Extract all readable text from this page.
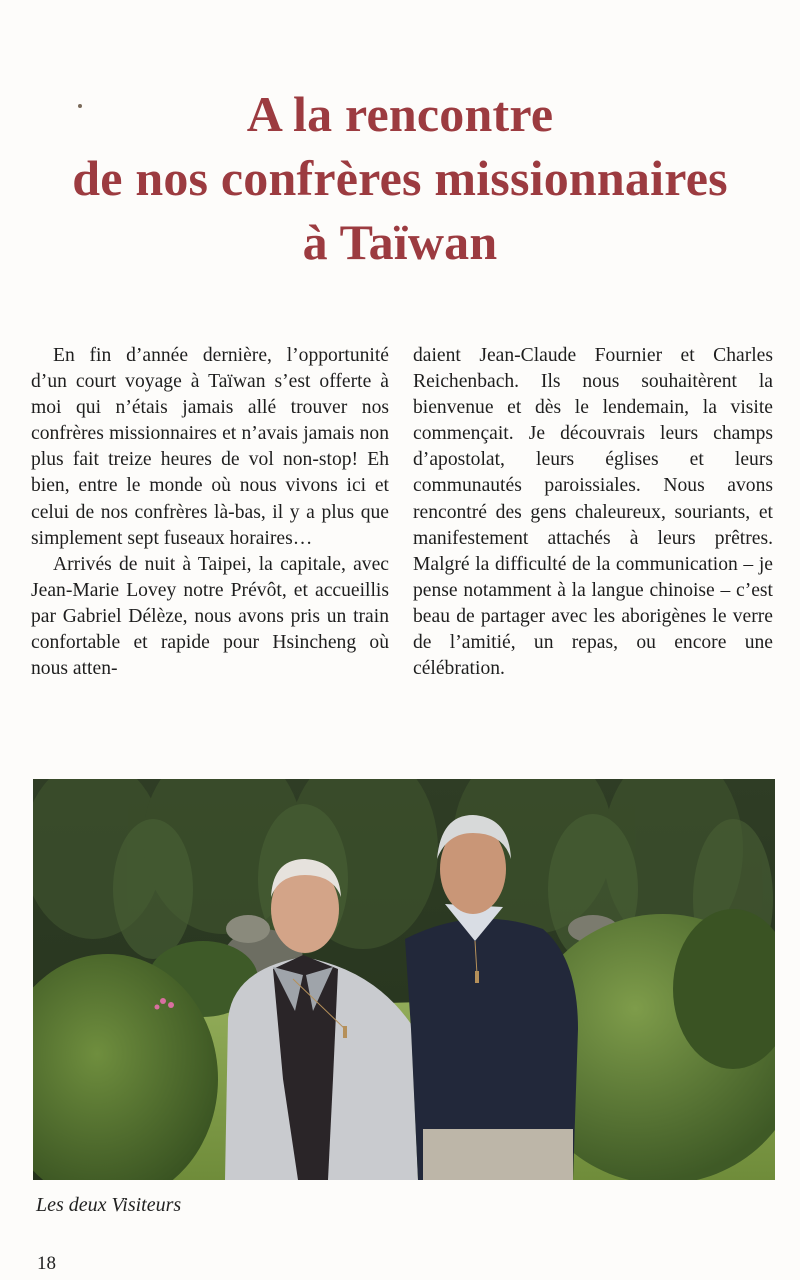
A la rencontre
de nos confrères missionnaires
à Taïwan

En fin d’année dernière, l’opportunité d’un court voyage à Taïwan s’est offerte à moi qui n’étais jamais allé trouver nos confrères missionnaires et n’avais jamais non plus fait treize heures de vol non-stop! Eh bien, entre le monde où nous vivons ici et celui de nos confrères là-bas, il y a plus que simplement sept fuseaux horaires…

Arrivés de nuit à Taipei, la capitale, avec Jean-Marie Lovey notre Prévôt, et accueillis par Gabriel Délèze, nous avons pris un train confortable et rapide pour Hsincheng où nous atten-

daient Jean-Claude Fournier et Charles Reichenbach. Ils nous souhaitèrent la bienvenue et dès le lendemain, la visite commençait. Je découvrais leurs champs d’apostolat, leurs églises et leurs communautés paroissiales. Nous avons rencontré des gens chaleureux, souriants, et manifestement attachés à leurs prêtres. Malgré la difficulté de la communication – je pense notamment à la langue chinoise – c’est beau de partager avec les aborigènes le verre de l’amitié, un repas, ou encore une célébration.

Les deux Visiteurs
18
